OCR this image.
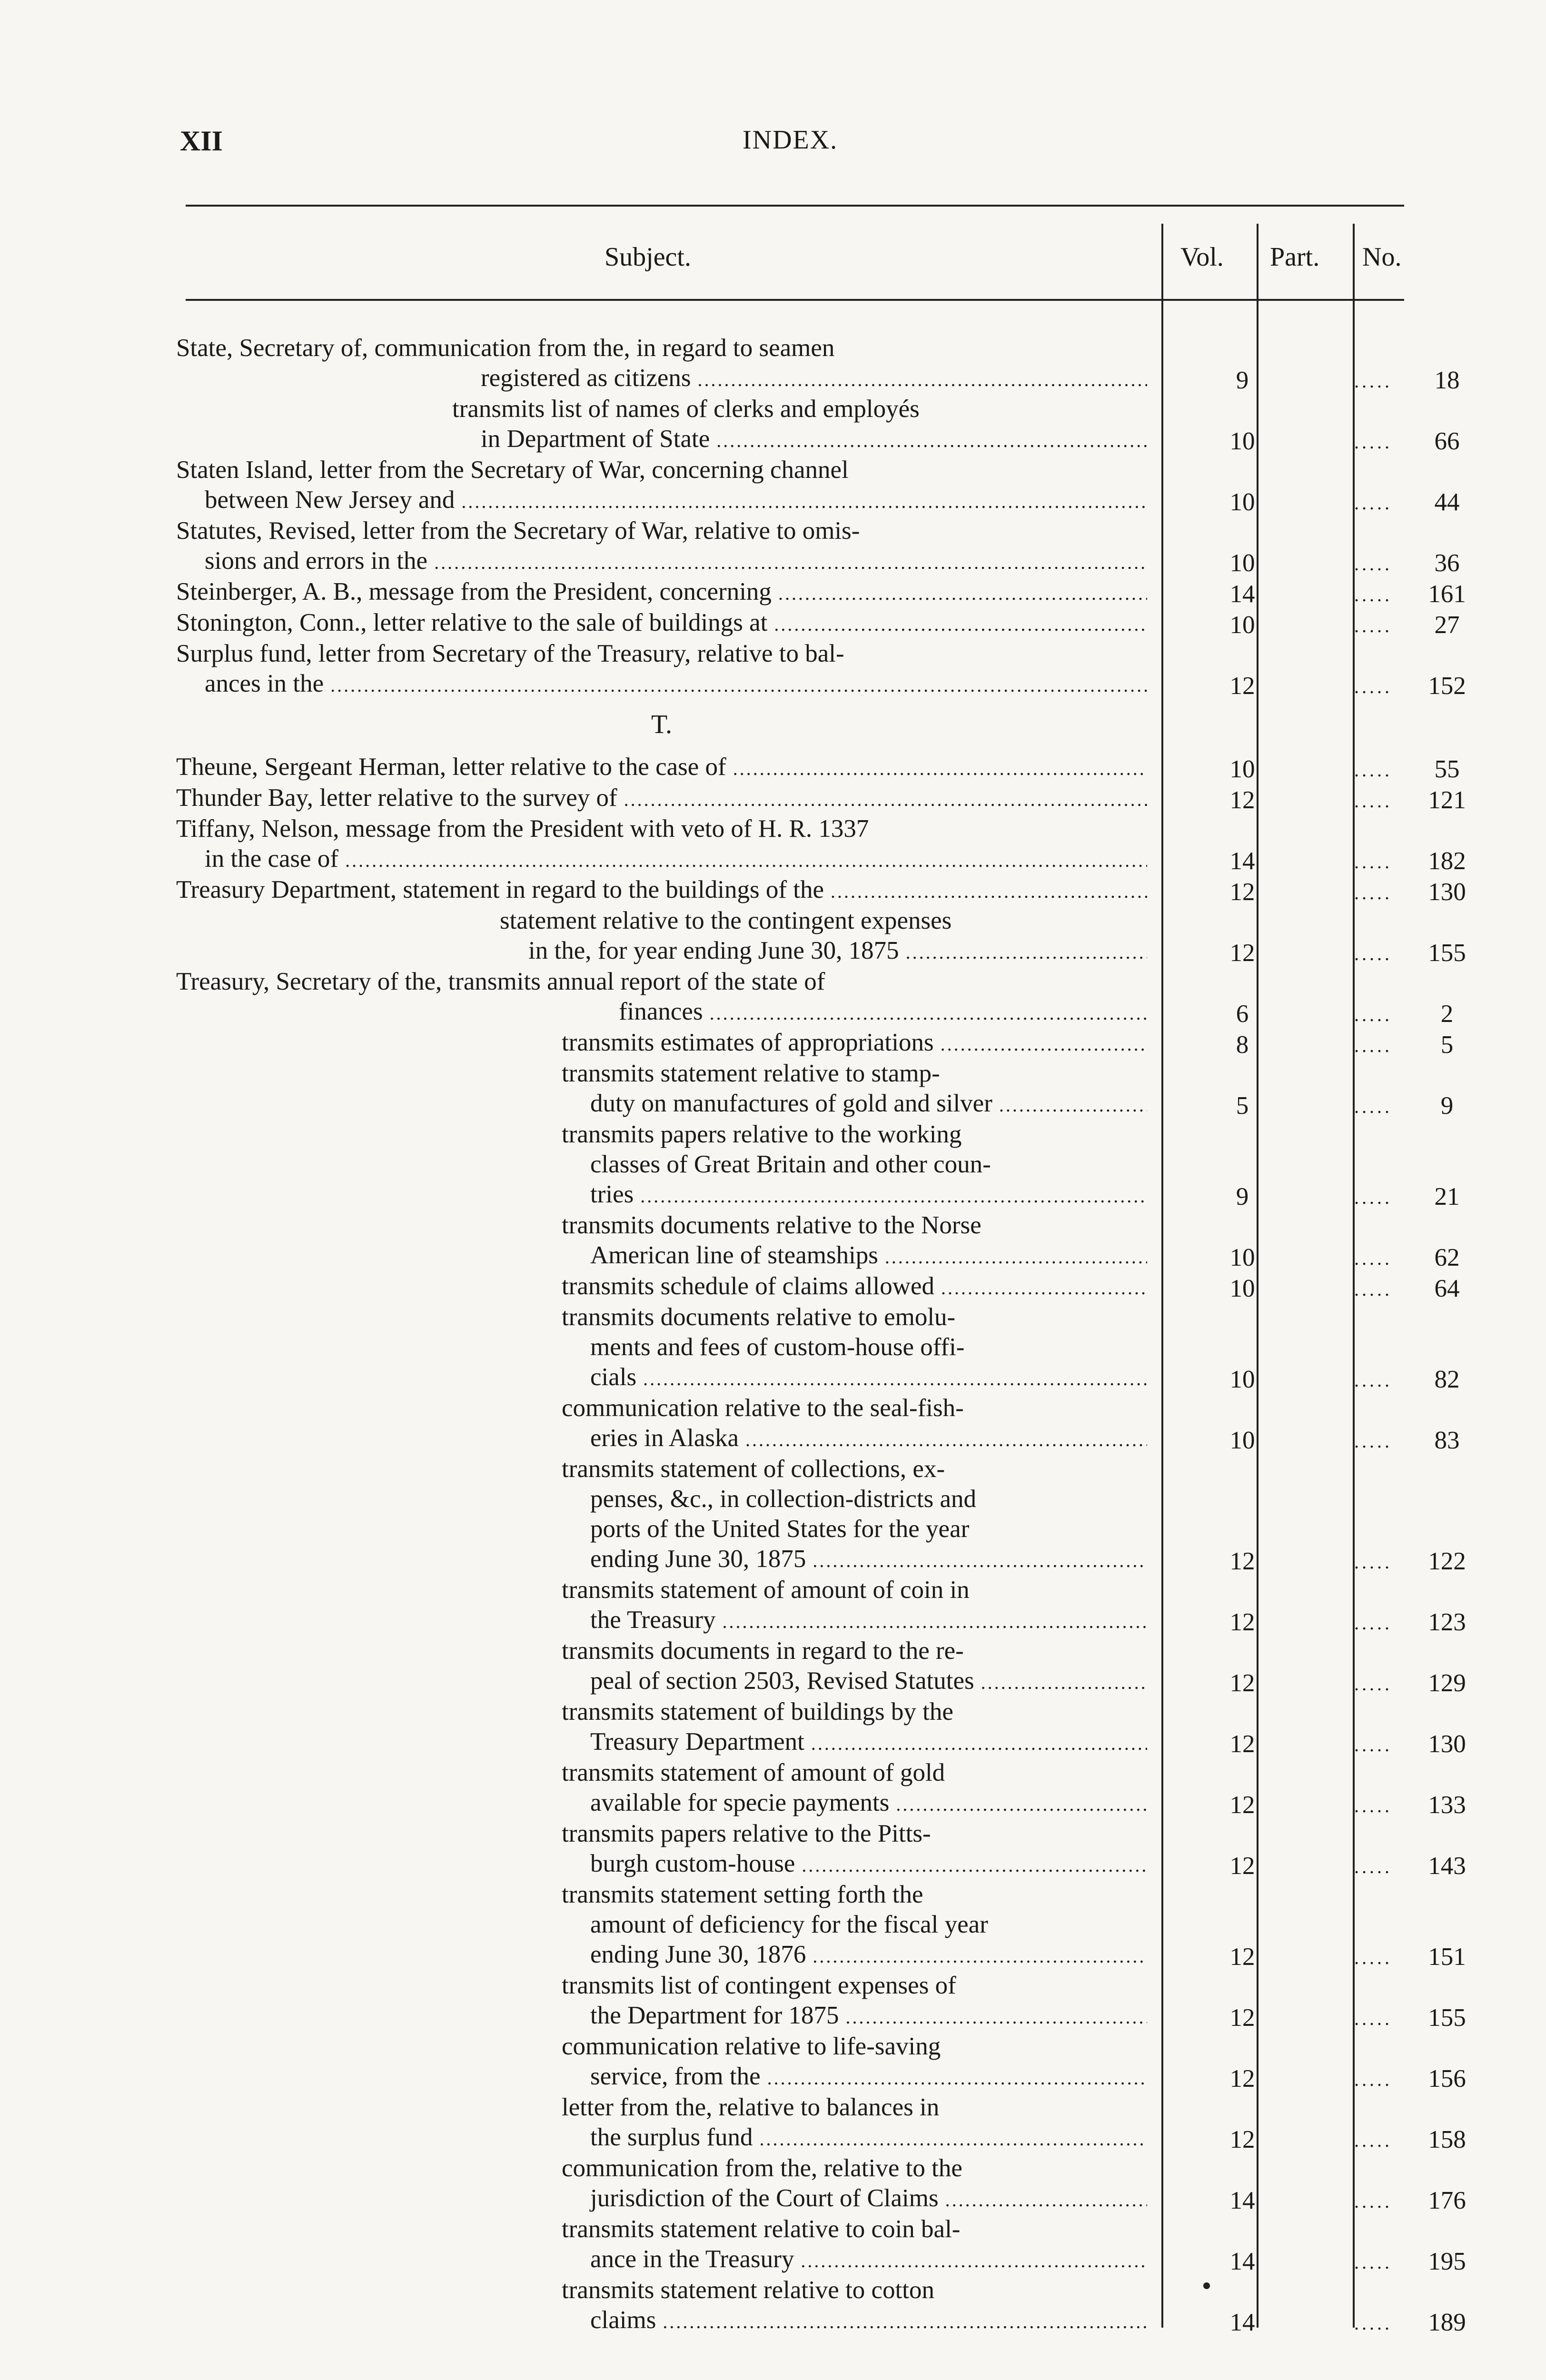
XII	INDEX.
Subject.	Vol. Part. No.
State, Secretary of, communication from the, in regard to seamen
registered as citizens .....	9	.....	18
transmits list of names of clerks and employés
in Department of State .....	10	.....	66
Staten Island, letter from the Secretary of War, concerning channel
between New Jersey and .....	10	.....	44
Statutes, Revised, letter from the Secretary of War, relative to omis-
sions and errors in the .....	10	.....	36
Steinberger, A. B., message from the President, concerning .....	14	.....	161
Stonington, Conn., letter relative to the sale of buildings at .....	10	.....	27
Surplus fund, letter from Secretary of the Treasury, relative to bal-
ances in the .....	12	.....	152
T.
Theune, Sergeant Herman, letter relative to the case of .....	10	.....	55
Thunder Bay, letter relative to the survey of .....	12	.....	121
Tiffany, Nelson, message from the President with veto of H. R. 1337
in the case of .....	14	.....	182
Treasury Department, statement in regard to the buildings of the .....	12	.....	130
statement relative to the contingent expenses
in the, for year ending June 30, 1875 .....	12	.....	155
Treasury, Secretary of the, transmits annual report of the state of
finances .....	6	.....	2
transmits estimates of appropriations .....	8	.....	5
transmits statement relative to stamp-
duty on manufactures of gold and silver .....	5	.....	9
transmits papers relative to the working
classes of Great Britain and other coun-
tries .....	9	.....	21
transmits documents relative to the Norse
American line of steamships .....	10	.....	62
transmits schedule of claims allowed .....	10	.....	64
transmits documents relative to emolu-
ments and fees of custom-house offi-
cials .....	10	.....	82
communication relative to the seal-fish-
eries in Alaska .....	10	.....	83
transmits statement of collections, ex-
penses, &c., in collection-districts and
ports of the United States for the year
ending June 30, 1875 .....	12	.....	122
transmits statement of amount of coin in
the Treasury .....	12	.....	123
transmits documents in regard to the re-
peal of section 2503, Revised Statutes .....	12	.....	129
transmits statement of buildings by the
Treasury Department .....	12	.....	130
transmits statement of amount of gold
available for specie payments .....	12	.....	133
transmits papers relative to the Pitts-
burgh custom-house .....	12	.....	143
transmits statement setting forth the
amount of deficiency for the fiscal year
ending June 30, 1876 .....	12	.....	151
transmits list of contingent expenses of
the Department for 1875 .....	12	.....	155
communication relative to life-saving
service, from the .....	12	.....	156
letter from the, relative to balances in
the surplus fund .....	12	.....	158
communication from the, relative to the
jurisdiction of the Court of Claims .....	14	.....	176
transmits statement relative to coin bal-
ance in the Treasury .....	14	.....	195
transmits statement relative to cotton
claims .....	14	.....	189
